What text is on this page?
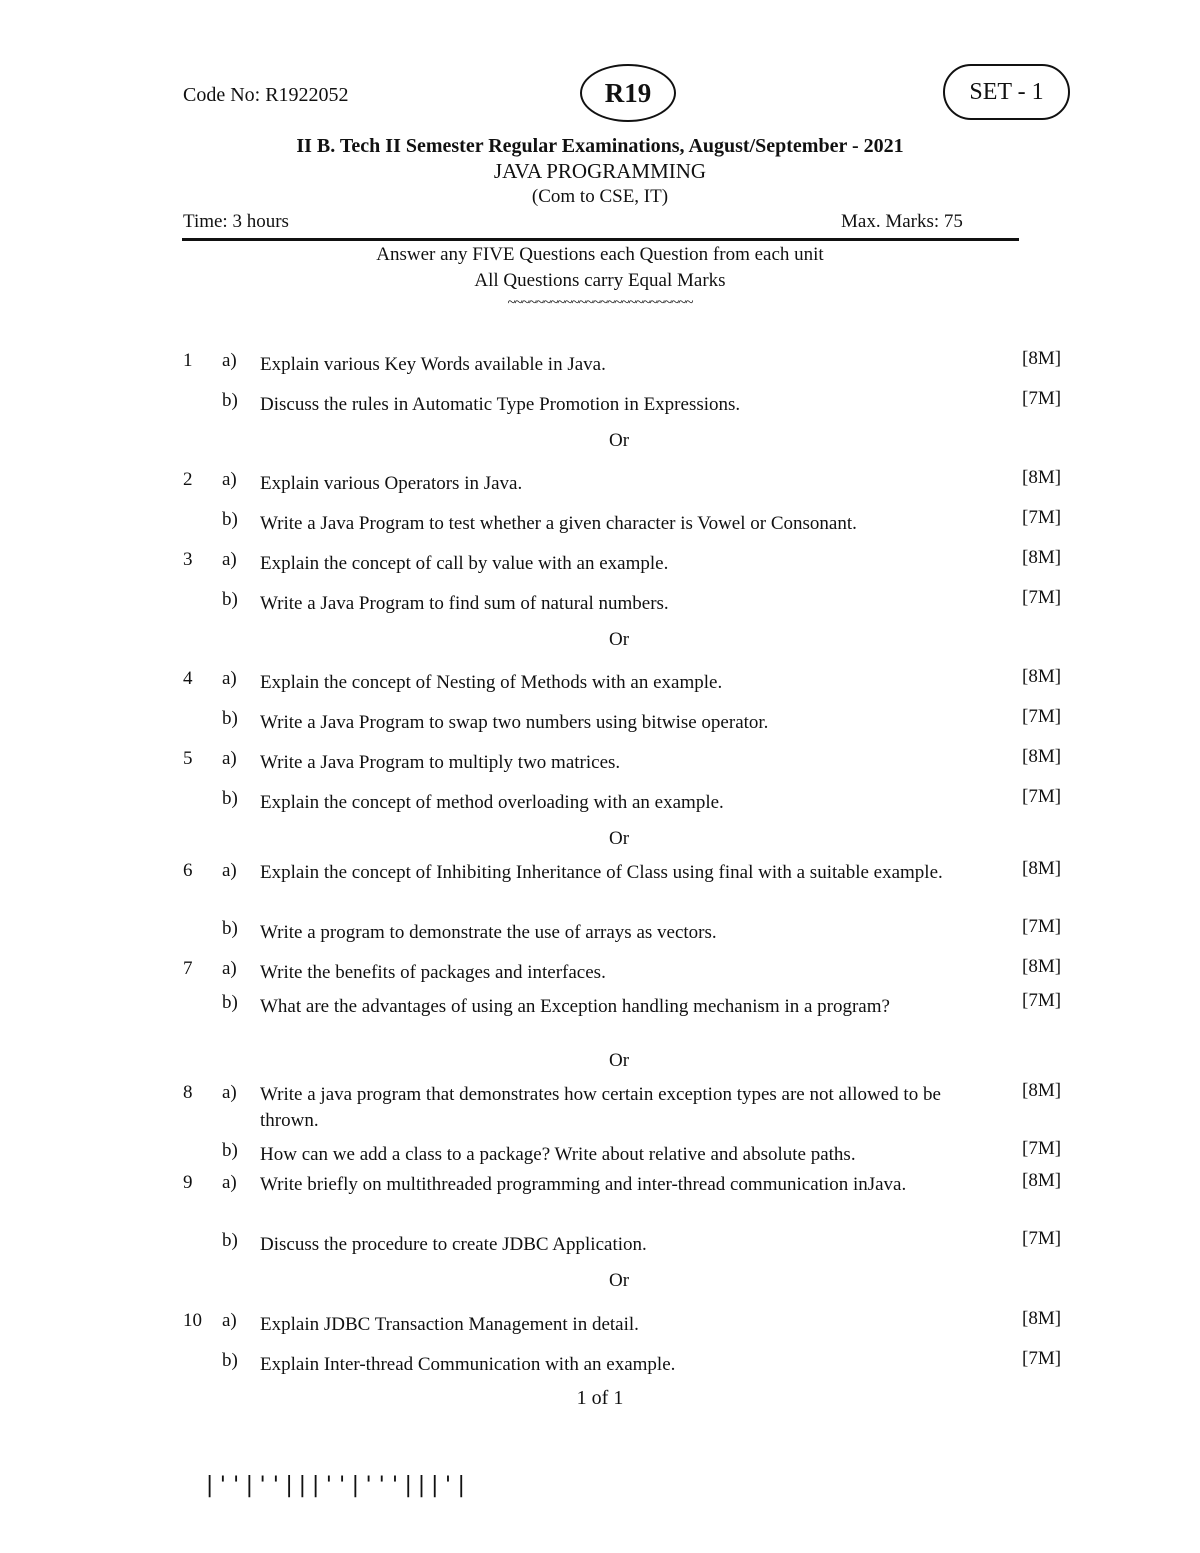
Code No: R1922052	R19	SET - 1
II B. Tech II Semester Regular Examinations, August/September - 2021
JAVA PROGRAMMING
(Com to CSE, IT)
Time: 3 hours	Max. Marks: 75
Answer any FIVE Questions each Question from each unit
All Questions carry Equal Marks
~~~~~~~~~~~~~~~~~~~~~~~~~~
1 a) Explain various Key Words available in Java.	[8M]
b) Discuss the rules in Automatic Type Promotion in Expressions.	[7M]
2 a) Explain various Operators in Java.	[8M]
b) Write a Java Program to test whether a given character is Vowel or Consonant.	[7M]
3 a) Explain the concept of call by value with an example.	[8M]
b) Write a Java Program to find sum of natural numbers.	[7M]
4 a) Explain the concept of Nesting of Methods with an example.	[8M]
b) Write a Java Program to swap two numbers using bitwise operator.	[7M]
5 a) Write a Java Program to multiply two matrices.	[8M]
b) Explain the concept of method overloading with an example.	[7M]
6 a) Explain the concept of Inhibiting Inheritance of Class using final with a suitable example.	[8M]
b) Write a program to demonstrate the use of arrays as vectors.	[7M]
7 a) Write the benefits of packages and interfaces.	[8M]
b) What are the advantages of using an Exception handling mechanism in a program?	[7M]
8 a) Write a java program that demonstrates how certain exception types are not allowed to be thrown.
[8M]
b) How can we add a class to a package? Write about relative and absolute paths.	[7M]
9 a) Write briefly on multithreaded programming and inter-thread communication inJava.	[8M]
b) Discuss the procedure to create JDBC Application.	[7M]
10 a) Explain JDBC Transaction Management in detail.	[8M]
b) Explain Inter-thread Communication with an example.	[7M]
Or
Or
Or
Or
Or
1 of 1
|''|''|||''|'''|||'|
